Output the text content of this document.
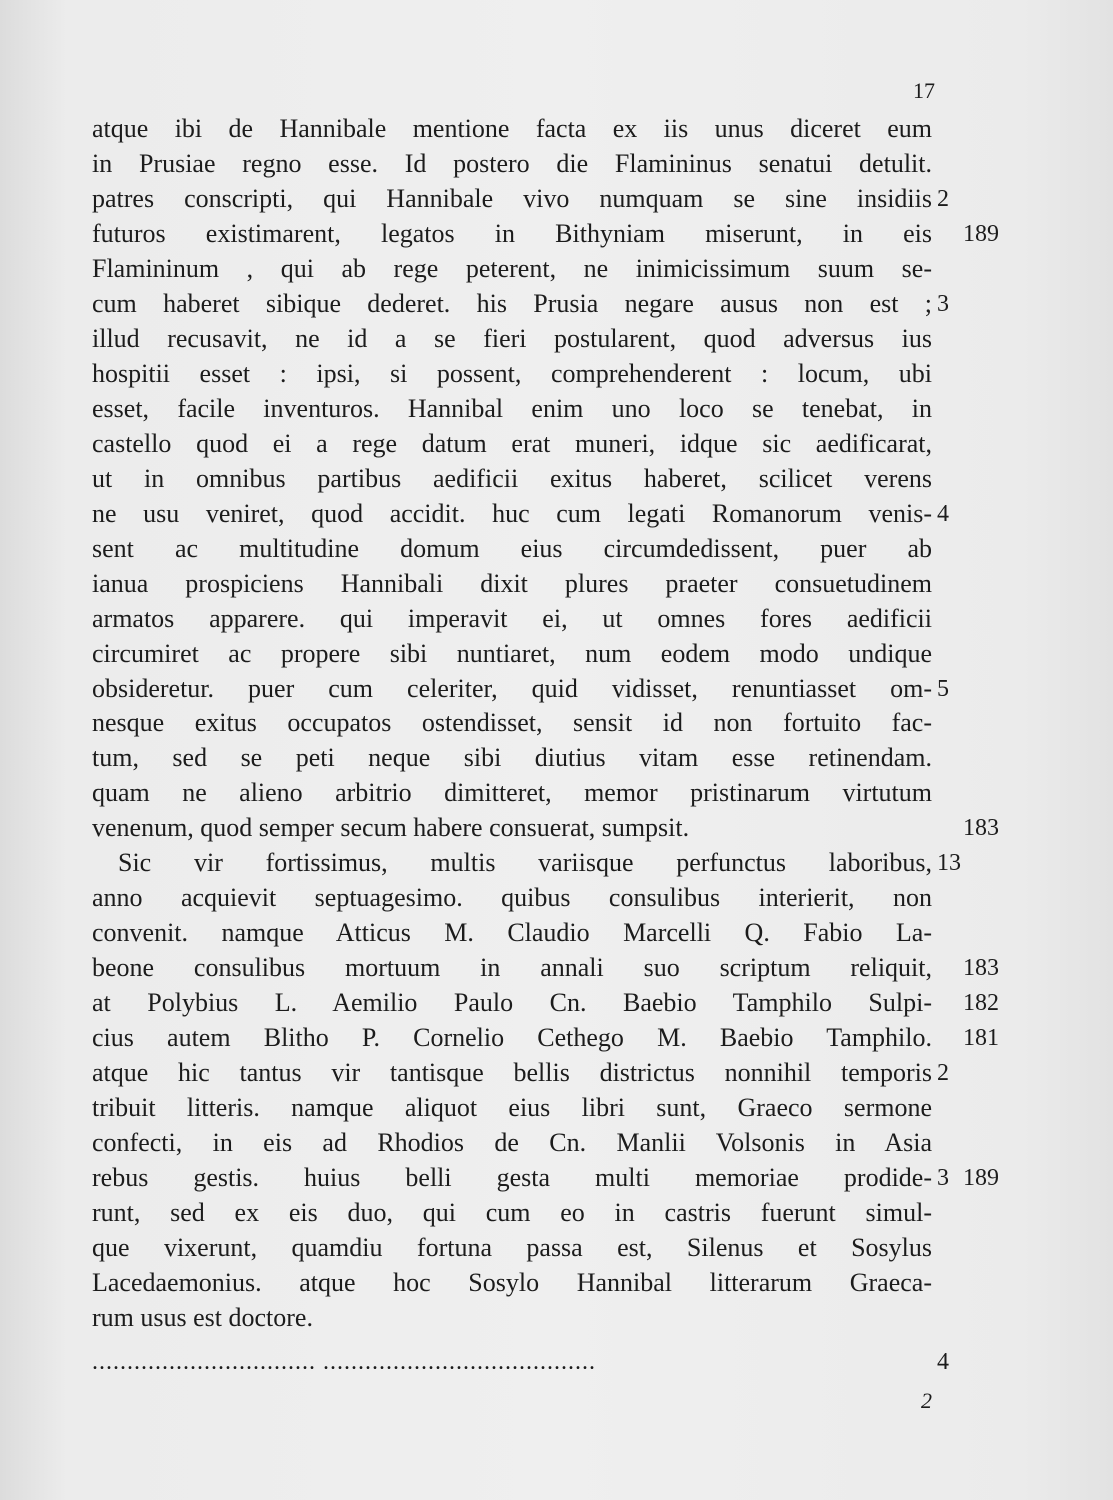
17
atque ibi de Hannibale mentione facta ex iis unus diceret eum
in Prusiae regno esse. Id postero die Flamininus senatui detulit.
patres conscripti, qui Hannibale vivo numquam se sine insidiis 2
futuros existimarent, legatos in Bithyniam miserunt, in eis 189
Flamininum , qui ab rege peterent, ne inimicissimum suum se-
cum haberet sibique dederet. his Prusia negare ausus non est ; 3
illud recusavit, ne id a se fieri postularent, quod adversus ius
hospitii esset : ipsi, si possent, comprehenderent : locum, ubi
esset, facile inventuros. Hannibal enim uno loco se tenebat, in
castello quod ei a rege datum erat muneri, idque sic aedificarat,
ut in omnibus partibus aedificii exitus haberet, scilicet verens
ne usu veniret, quod accidit. huc cum legati Romanorum venis- 4
sent ac multitudine domum eius circumdedissent, puer ab
ianua prospiciens Hannibali dixit plures praeter consuetudinem
armatos apparere. qui imperavit ei, ut omnes fores aedificii
circumiret ac propere sibi nuntiaret, num eodem modo undique
obsideretur. puer cum celeriter, quid vidisset, renuntiasset om- 5
nesque exitus occupatos ostendisset, sensit id non fortuito fac-
tum, sed se peti neque sibi diutius vitam esse retinendam.
quam ne alieno arbitrio dimitteret, memor pristinarum virtutum
venenum, quod semper secum habere consuerat, sumpsit.	183
Sic vir fortissimus, multis variisque perfunctus laboribus, 13
anno acquievit septuagesimo. quibus consulibus interierit, non
convenit. namque Atticus M. Claudio Marcelli Q. Fabio La-
beone consulibus mortuum in annali suo scriptum reliquit, 183
at Polybius L. Aemilio Paulo Cn. Baebio Tamphilo Sulpi- 182
cius autem Blitho P. Cornelio Cethego M. Baebio Tamphilo. 181
atque hic tantus vir tantisque bellis districtus nonnihil temporis 2
tribuit litteris. namque aliquot eius libri sunt, Graeco sermone
confecti, in eis ad Rhodios de Cn. Manlii Volsonis in Asia
rebus gestis. huius belli gesta multi memoriae prodide- 3 189
runt, sed ex eis duo, qui cum eo in castris fuerunt simul-
que vixerunt, quamdiu fortuna passa est, Silenus et Sosylus
Lacedaemonius. atque hoc Sosylo Hannibal litterarum Graeca-
rum usus est doctore.
................................ .......................................	4
2
